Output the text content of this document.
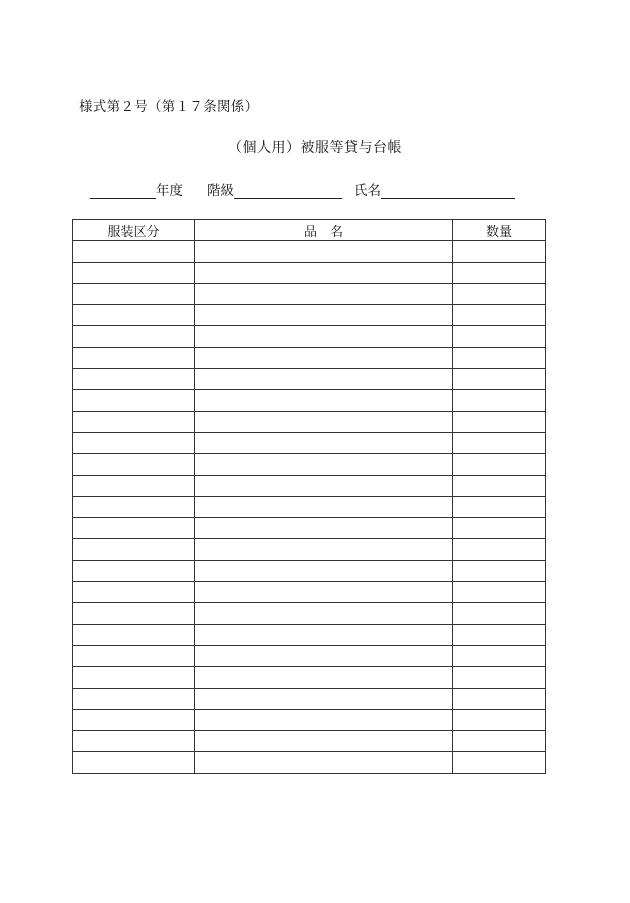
様式第２号（第１７条関係）
（個人用）被服等貸与台帳
年度 階級	氏名
服装区分	品　名	数量
